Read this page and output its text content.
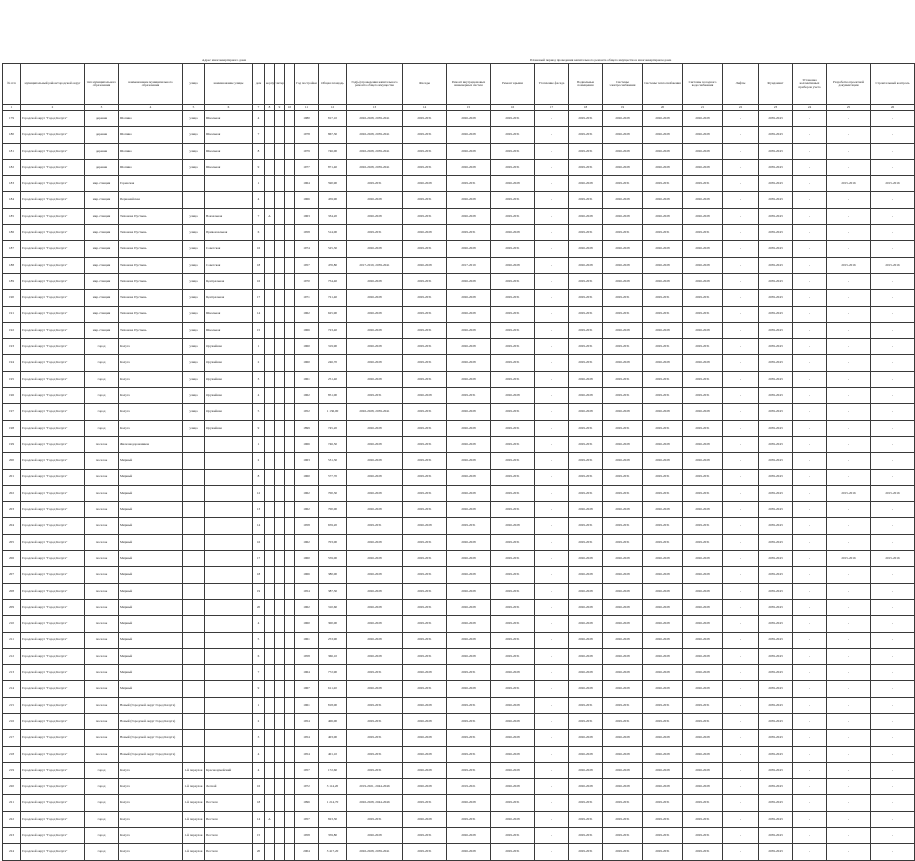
Адрес многоквартирного дома	Плановый период проведения капитального ремонта общего имущества в многоквартирном доме
№ п/п	муниципальный район/городской округ	тип муниципального образования	наименование муниципального образования	улица	наименование улицы	дом	корпус	литер		Год постройки	Общая площадь	Год(ы) проведения капитального ремонта общего имущества	Фасады	Ремонт внутридомовых инженерных систем	Ремонт крыши	Утепление фасада	Подвальные помещения	Системы электроснабжения	Системы теплоснабжения	Системы холодного водоснабжения	Лифты	Фундамент	Установка коллективных приборов учета	Разработка проектной документации	Строительный контроль
1	2	3	4	5	6	7	8	9	10	11	12	13	14	15	16	17	18	19	20	21	22	23	24	25	26
179	Городской округ "Город Калуга"	деревня	Шопино	улица	Школьная	4				1980	817,10	2026-2028, 2039-2041	2029-2031	2026-2028	2029-2031	-	2029-2031	2026-2028	2026-2028	2026-2028	-	2039-2043	-	-	-
180	Городской округ "Город Калуга"	деревня	Шопино	улица	Школьная	7				1978	867,30	2026-2028, 2039-2041	2029-2031	2026-2028	2029-2031	-	2029-2031	2026-2028	2026-2028	2026-2028	-	2039-2043	-	-	-
181	Городской округ "Город Калуга"	деревня	Шопино	улица	Школьная	8				1979	746,00	2026-2028, 2039-2041	2029-2031	2026-2028	2029-2031	-	2029-2031	2026-2028	2026-2028	2026-2028	-	2039-2043	-	-	-
182	Городской округ "Город Калуга"	деревня	Шопино	улица	Школьная	9				1977	871,40	2026-2028, 2039-2041	2029-2031	2026-2028	2029-2031	-	2029-2031	2026-2028	2026-2028	2026-2028	-	2039-2043	-	-	-
183	Городской округ "Город Калуга"	мкр.станция	Горенская			1				1964	590,90	2029-2031	2026-2028	2029-2031	2026-2028	-	2026-2028	2029-2031	2029-2031	2029-2031	-	2039-2043	-	2015-2016	2015-2016
184	Городской округ "Город Калуга"	мкр.станция	Первомайская			4				1966	459,90	2026-2028	2029-2031	2026-2028	2029-2031	-	2029-2031	2026-2028	2026-2028	2026-2028	-	2039-2043	-	-	-
185	Городской округ "Город Калуга"	мкр.станция	Тихонова Пустынь	улица	Вокзальная	7	А			1963	334,20	2026-2028	2029-2031	2026-2028	2029-2031	-	2026-2028	2026-2028	2026-2028	2026-2028	-	2039-2043	-	-	-
186	Городской округ "Город Калуга"	мкр.станция	Тихонова Пустынь	улица	Привокзальная	6				1958	514,00	2029-2031	2026-2028	2029-2031	2026-2028	-	2029-2031	2029-2031	2029-2031	2029-2031	-	2039-2043	-	-	-
187	Городской округ "Город Калуга"	мкр.станция	Тихонова Пустынь	улица	Советская	16				1974	525,30	2026-2028	2029-2031	2026-2028	2029-2031	-	2026-2028	2026-2028	2026-2028	2026-2028	-	2039-2043	-	-	-
188	Городской округ "Город Калуга"	мкр.станция	Тихонова Пустынь	улица	Советская	18				1957	476,80	2017-2019, 2039-2041	2026-2028	2017-2019	2026-2028	-	2026-2028	2026-2028	2026-2028	2026-2028	-	2039-2043	-	2015-2016	2015-2016
189	Городской округ "Город Калуга"	мкр.станция	Тихонова Пустынь	улица	Центральная	16				1970	754,40	2026-2028	2029-2031	2026-2028	2029-2031	-	2029-2031	2026-2028	2026-2028	2026-2028	-	2039-2043	-	-	-
190	Городской округ "Город Калуга"	мкр.станция	Тихонова Пустынь	улица	Центральная	17				1971	721,40	2026-2028	2029-2031	2026-2028	2029-2031	-	2029-2031	2029-2031	2029-2031	2029-2031	-	2039-2043	-	-	-
191	Городской округ "Город Калуга"	мкр.станция	Тихонова Пустынь	улица	Школьная	14				1962	625,90	2026-2028	2029-2031	2026-2028	2029-2031	-	2029-2031	2029-2031	2029-2031	2029-2031	-	2039-2043	-	-	-
192	Городской округ "Город Калуга"	мкр.станция	Тихонова Пустынь	улица	Школьная	15				1966	723,40	2026-2028	2029-2031	2026-2028	2029-2031	-	2029-2031	2026-2028	2026-2028	2026-2028	-	2039-2043	-	-	-
193	Городской округ "Город Калуга"	город	Калуга	улица	Оружейная	1				1960	319,90	2026-2028	2029-2031	2026-2028	2029-2031	-	2029-2031	2029-2031	2029-2031	2029-2031	-	2039-2043	-	-	-
194	Городской округ "Город Калуга"	город	Калуга	улица	Оружейная	2				1960	246,70	2026-2028	2029-2031	2026-2028	2029-2031	-	2029-2031	2026-2028	2026-2028	2026-2028	-	2039-2043	-	-	-
195	Городской округ "Город Калуга"	город	Калуга	улица	Оружейная	3				1961	251,40	2026-2028	2029-2031	2026-2028	2029-2031	-	2026-2028	2029-2031	2029-2031	2029-2031	-	2039-2043	-	-	-
196	Городской округ "Город Калуга"	город	Калуга	улица	Оружейная	4				1962	851,00	2029-2031	2026-2028	2029-2031	2026-2028	-	2026-2028	2029-2031	2029-2031	2029-2031	-	2039-2043	-	-	-
197	Городской округ "Город Калуга"	город	Калуга	улица	Оружейная	5				1952	1 136,00	2026-2028, 2039-2041	2029-2031	2026-2028	2029-2031	-	2026-2028	2026-2028	2026-2028	2026-2028	-	2039-2043	-	-	-
198	Городской округ "Город Калуга"	город	Калуга	улица	Оружейная	9				1899	745,20	2026-2028	2029-2031	2026-2028	2029-2031	-	2029-2031	2029-2031	2029-2031	2029-2031	-	2039-2043	-	-	-
199	Городской округ "Город Калуга"	поселок	Железнодорожников			1				1966	746,50	2026-2028	2029-2031	2026-2028	2029-2031	-	2029-2031	2026-2028	2026-2028	2026-2028	-	2039-2043	-	-	-
200	Городской округ "Город Калуга"	поселок	Мирный			2				1963	531,30	2026-2028	2029-2031	2026-2028	2029-2031	-	2029-2031	2026-2028	2026-2028	2026-2028	-	2039-2043	-	-	-
201	Городской округ "Город Калуга"	поселок	Мирный			8				1960	577,70	2026-2028	2029-2031	2026-2028	2029-2031	-	2029-2031	2029-2031	2029-2031	2029-2031	-	2039-2043	-	-	-
202	Городской округ "Город Калуга"	поселок	Мирный			12				1962	700,30	2026-2028	2029-2031	2026-2028	2029-2031	-	2029-2031	2029-2031	2029-2031	2029-2031	-	2039-2043	-	2015-2016	2015-2016
203	Городской округ "Город Калуга"	поселок	Мирный			13				1962	700,00	2026-2028	2029-2031	2026-2028	2029-2031	-	2026-2028	2026-2028	2026-2028	2026-2028	-	2039-2043	-	-	-
204	Городской округ "Город Калуга"	поселок	Мирный			14				1958	659,20	2029-2031	2026-2028	2029-2031	2026-2028	-	2029-2031	2029-2031	2029-2031	2029-2031	-	2039-2043	-	-	-
205	Городской округ "Город Калуга"	поселок	Мирный			16				1962	703,00	2026-2028	2029-2031	2026-2028	2029-2031	-	2029-2031	2029-2031	2029-2031	2029-2031	-	2039-2043	-	-	-
206	Городской округ "Город Калуга"	поселок	Мирный			17				1960	559,00	2026-2028	2029-2031	2026-2028	2029-2031	-	2026-2028	2026-2028	2026-2028	2026-2028	-	2039-2043	-	2015-2016	2015-2016
207	Городской округ "Город Калуга"	поселок	Мирный			18				1966	380,00	2026-2028	2029-2031	2026-2028	2029-2031	-	2026-2028	2026-2028	2026-2028	2026-2028	-	2039-2043	-	-	-
208	Городской округ "Город Калуга"	поселок	Мирный			19				1954	387,30	2026-2028	2029-2031	2026-2028	2029-2031	-	2026-2028	2026-2028	2026-2028	2026-2028	-	2039-2043	-	-	-
209	Городской округ "Город Калуга"	поселок	Мирный			20				1962	310,60	2026-2028	2029-2031	2026-2028	2029-2031	-	2026-2028	2026-2028	2026-2028	2026-2028	-	2039-2043	-	-	-
210	Городской округ "Город Калуга"	поселок	Мирный			4				1960	300,00	2026-2028	2029-2031	2026-2028	2029-2031	-	2026-2028	2026-2028	2026-2028	2026-2028	-	2039-2043	-	-	-
211	Городской округ "Город Калуга"	поселок	Мирный			5				1961	253,90	2026-2028	2029-2031	2026-2028	2029-2031	-	2026-2028	2026-2028	2026-2028	2026-2028	-	2039-2043	-	-	-
212	Городской округ "Город Калуга"	поселок	Мирный			6				1958	366,10	2026-2028	2029-2031	2026-2028	2029-2031	-	2026-2028	2026-2028	2026-2028	2026-2028	-	2039-2043	-	-	-
213	Городской округ "Город Калуга"	поселок	Мирный			7				1964	772,90	2029-2031	2026-2028	2029-2031	2026-2028	-	2026-2028	2026-2028	2026-2028	2026-2028	-	2039-2043	-	-	-
214	Городской округ "Город Калуга"	поселок	Мирный			9				1967	611,20	2026-2028	2029-2031	2026-2028	2029-2031	-	2026-2028	2026-2028	2026-2028	2026-2028	-	2039-2043	-	-	-
215	Городской округ "Город Калуга"	поселок	Новый (Городской округ Город Калуга)			1				1961	818,00	2029-2031	2026-2028	2029-2031	2026-2028	-	2029-2031	2029-2031	2029-2031	2029-2031	-	2039-2043	-	-	-
216	Городской округ "Город Калуга"	поселок	Новый (Городской округ Город Калуга)			2				1954	406,00	2029-2031	2026-2028	2029-2031	2026-2028	-	2029-2031	2029-2031	2029-2031	2029-2031	-	2039-2043	-	-	-
217	Городской округ "Город Калуга"	поселок	Новый (Городской округ Город Калуга)			3				1954	403,00	2029-2031	2026-2028	2029-2031	2026-2028	-	2026-2028	2026-2028	2026-2028	2026-2028	-	2039-2043	-	-	-
218	Городской округ "Город Калуга"	поселок	Новый (Городской округ Город Калуга)			4				1954	401,10	2029-2031	2026-2028	2029-2031	2026-2028	-	2026-2028	2026-2028	2026-2028	2026-2028	-	2039-2043	-	-	-
219	Городской округ "Город Калуга"	город	Калуга	1-й переулок	Красноармейский	4				1957	172,60	2029-2031	2026-2028	2029-2031	2026-2028	-	2026-2028	2026-2028	2026-2028	2026-2028	-	2039-2043	-	-	-
220	Городской округ "Город Калуга"	город	Калуга	1-й переулок	Лесной	16				1972	3 114,20	2019-2021, 2044-2046	2026-2028	2019-2021	2026-2028	-	2026-2028	2026-2028	2026-2028	2026-2028	-	2039-2043	-	-	-
221	Городской округ "Город Калуга"	город	Калуга	1-й переулок	Пестеля	18				1996	1 214,70	2026-2028, 2044-2046	2029-2031	2026-2028	2029-2031	-	2029-2031	2029-2031	2029-2031	2029-2031	-	2039-2043	-	-	-
222	Городской округ "Город Калуга"	город	Калуга	1-й переулок	Пестеля	14	А			1957	823,30	2029-2031	2026-2028	2029-2031	2026-2028	-	2029-2031	2029-2031	2029-2031	2029-2031	-	2039-2043	-	-	-
223	Городской округ "Город Калуга"	город	Калуга	1-й переулок	Пестеля	15				1958	359,80	2026-2028	2029-2031	2026-2028	2029-2031	-	2029-2031	2029-2031	2029-2031	2029-2031	-	2039-2043	-	-	-
224	Городской округ "Город Калуга"	город	Калуга	1-й переулок	Пестеля	20				2004	3 417,20	2026-2028, 2039-2041	2029-2031	2026-2028	2029-2031	-	2029-2031	2029-2031	2029-2031	2029-2031	-	2039-2043	-	-	-
